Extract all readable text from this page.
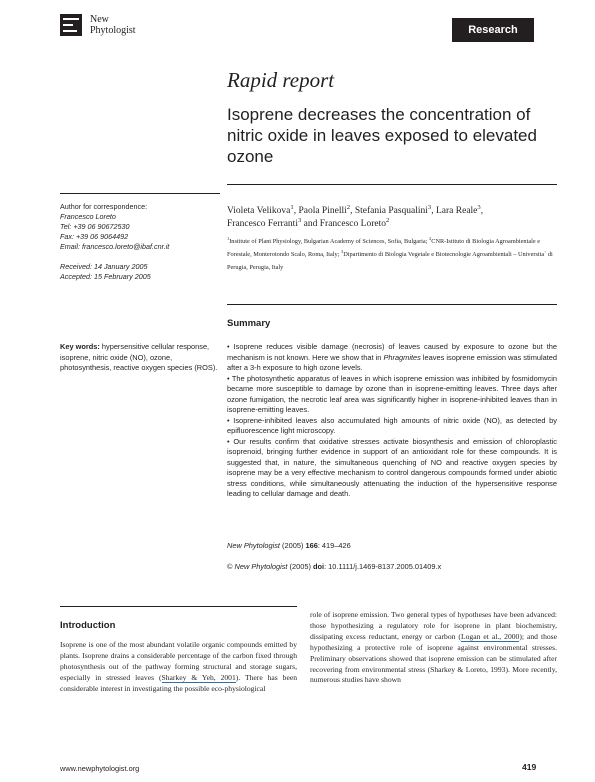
New
Phytologist	Research
Rapid report
Isoprene decreases the concentration of nitric oxide in leaves exposed to elevated ozone
Author for correspondence:
Francesco Loreto
Tel: +39 06 90672530
Fax: +39 06 9064492
Email: francesco.loreto@ibaf.cnr.it
Received: 14 January 2005
Accepted: 15 February 2005
Violeta Velikova$^1$, Paola Pinelli$^2$, Stefania Pasqualini$^3$, Lara Reale$^3$,
Francesco Ferranti$^3$ and Francesco Loreto$^2$
$^1$Institute of Plant Physiology, Bulgarian Academy of Sciences, Sofia, Bulgaria; $^2$CNR-Istituto di Biologia Agroambientale e Forestale, Monterotondo Scalo, Roma, Italy; $^3$Dipartimento di Biologia Vegetale e Biotecnologie Agroambientali – Universita` di Perugia, Perugia, Italy
Summary
Key words: hypersensitive cellular response, isoprene, nitric oxide (NO), ozone, photosynthesis, reactive oxygen species (ROS).

• Isoprene reduces visible damage (necrosis) of leaves caused by exposure to ozone but the mechanism is not known. Here we show that in Phragmites leaves isoprene emission was stimulated after a 3-h exposure to high ozone levels.

• The photosynthetic apparatus of leaves in which isoprene emission was inhibited by fosmidomycin became more susceptible to damage by ozone than in isoprene-emitting leaves. Three days after ozone fumigation, the necrotic leaf area was significantly higher in isoprene-inhibited leaves than in isoprene-emitting leaves.

• Isoprene-inhibited leaves also accumulated high amounts of nitric oxide (NO), as detected by epifluorescence light microscopy.

• Our results confirm that oxidative stresses activate biosynthesis and emission of chloroplastic isoprenoid, bringing further evidence in support of an antioxidant role for these compounds. It is suggested that, in nature, the simultaneous quenching of NO and reactive oxygen species by isoprene may be a very effective mechanism to control dangerous compounds formed under abiotic stress conditions, while simultaneously attenuating the induction of the hypersensitive response leading to cellular damage and death.

New Phytologist (2005) 166: 419–426
© New Phytologist (2005) doi: 10.1111/j.1469-8137.2005.01409.x
Introduction
Isoprene is one of the most abundant volatile organic compounds emitted by plants. Isoprene drains a considerable percentage of the carbon fixed through photosynthesis out of the pathway forming structural and storage sugars, especially in stressed leaves (Sharkey & Yeh, 2001). There has been considerable interest in investigating the possible eco-physiological
role of isoprene emission. Two general types of hypotheses have been advanced: those hypothesizing a regulatory role for isoprene in plant biochemistry, dissipating excess reductant, energy or carbon (Logan et al., 2000); and those hypothesizing a protective role of isoprene against environmental stresses. Preliminary observations showed that isoprene emission can be stimulated after recovering from environmental stress (Sharkey & Loreto, 1993). More recently, numerous studies have shown
www.newphytologist.org	419
